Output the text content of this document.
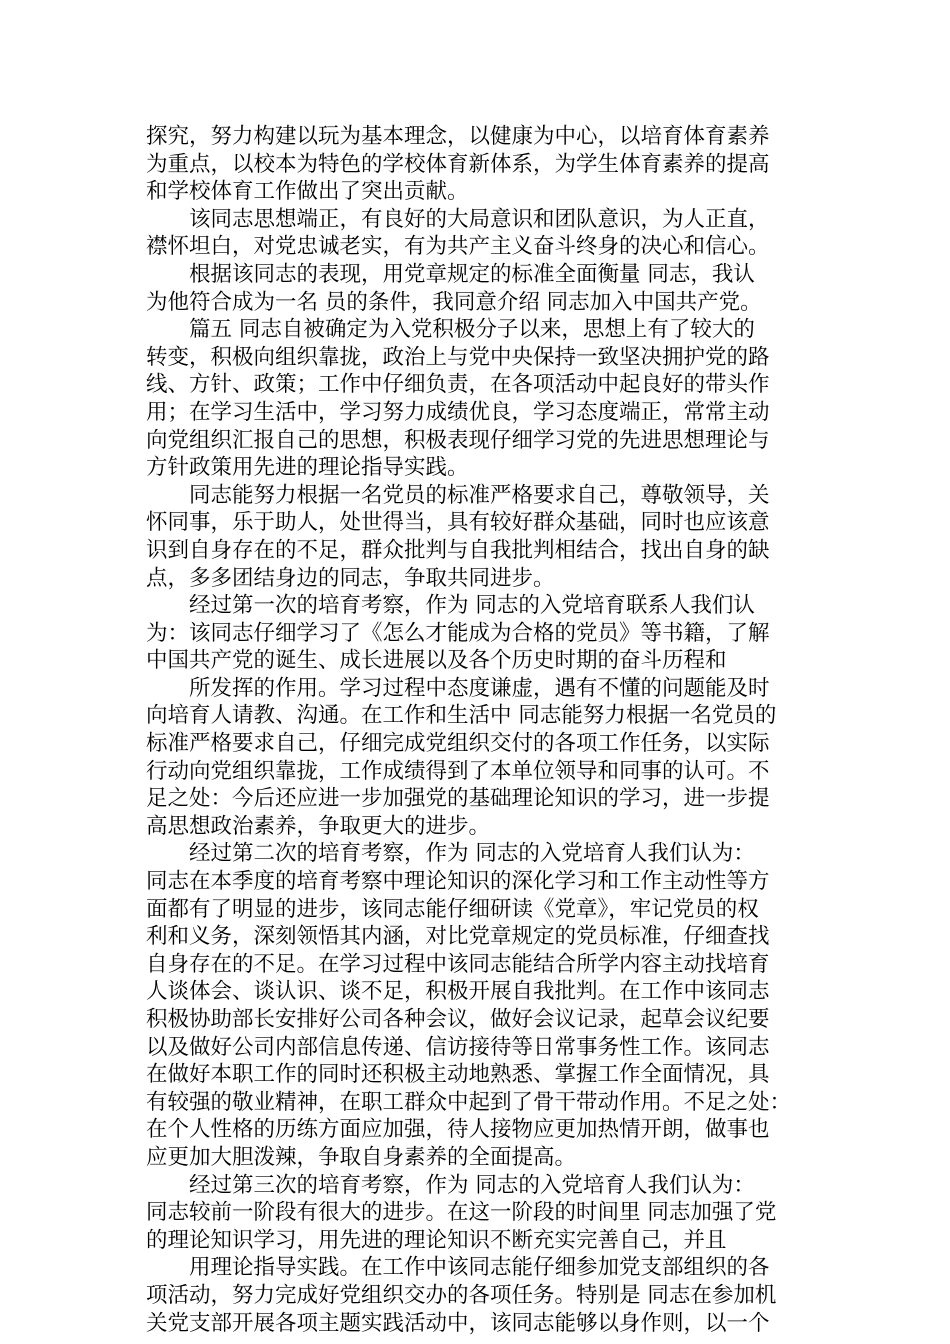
探究，努力构建以玩为基本理念，以健康为中心，以培育体育素养
为重点，以校本为特色的学校体育新体系，为学生体育素养的提高
和学校体育工作做出了突出贡献。
　　该同志思想端正，有良好的大局意识和团队意识，为人正直，
襟怀坦白，对党忠诚老实，有为共产主义奋斗终身的决心和信心。
　　根据该同志的表现，用党章规定的标准全面衡量 同志，我认
为他符合成为一名 员的条件，我同意介绍 同志加入中国共产党。
　　篇五 同志自被确定为入党积极分子以来，思想上有了较大的
转变，积极向组织靠拢，政治上与党中央保持一致坚决拥护党的路
线、方针、政策；工作中仔细负责，在各项活动中起良好的带头作
用；在学习生活中，学习努力成绩优良，学习态度端正，常常主动
向党组织汇报自己的思想，积极表现仔细学习党的先进思想理论与
方针政策用先进的理论指导实践。
　　同志能努力根据一名党员的标准严格要求自己，尊敬领导，关
怀同事，乐于助人，处世得当，具有较好群众基础，同时也应该意
识到自身存在的不足，群众批判与自我批判相结合，找出自身的缺
点，多多团结身边的同志，争取共同进步。
　　经过第一次的培育考察，作为 同志的入党培育联系人我们认
为：该同志仔细学习了《怎么才能成为合格的党员》等书籍，了解
中国共产党的诞生、成长进展以及各个历史时期的奋斗历程和
　　所发挥的作用。学习过程中态度谦虚，遇有不懂的问题能及时
向培育人请教、沟通。在工作和生活中 同志能努力根据一名党员的
标准严格要求自己，仔细完成党组织交付的各项工作任务，以实际
行动向党组织靠拢，工作成绩得到了本单位领导和同事的认可。不
足之处：今后还应进一步加强党的基础理论知识的学习，进一步提
高思想政治素养，争取更大的进步。
　　经过第二次的培育考察，作为 同志的入党培育人我们认为：
同志在本季度的培育考察中理论知识的深化学习和工作主动性等方
面都有了明显的进步，该同志能仔细研读《党章》，牢记党员的权
利和义务，深刻领悟其内涵，对比党章规定的党员标准，仔细查找
自身存在的不足。在学习过程中该同志能结合所学内容主动找培育
人谈体会、谈认识、谈不足，积极开展自我批判。在工作中该同志
积极协助部长安排好公司各种会议，做好会议记录，起草会议纪要
以及做好公司内部信息传递、信访接待等日常事务性工作。该同志
在做好本职工作的同时还积极主动地熟悉、掌握工作全面情况，具
有较强的敬业精神，在职工群众中起到了骨干带动作用。不足之处：
在个人性格的历练方面应加强，待人接物应更加热情开朗，做事也
应更加大胆泼辣，争取自身素养的全面提高。
　　经过第三次的培育考察，作为 同志的入党培育人我们认为：
同志较前一阶段有很大的进步。在这一阶段的时间里 同志加强了党
的理论知识学习，用先进的理论知识不断充实完善自己，并且
　　用理论指导实践。在工作中该同志能仔细参加党支部组织的各
项活动，努力完成好党组织交办的各项任务。特别是 同志在参加机
关党支部开展各项主题实践活动中，该同志能够以身作则，以一个
